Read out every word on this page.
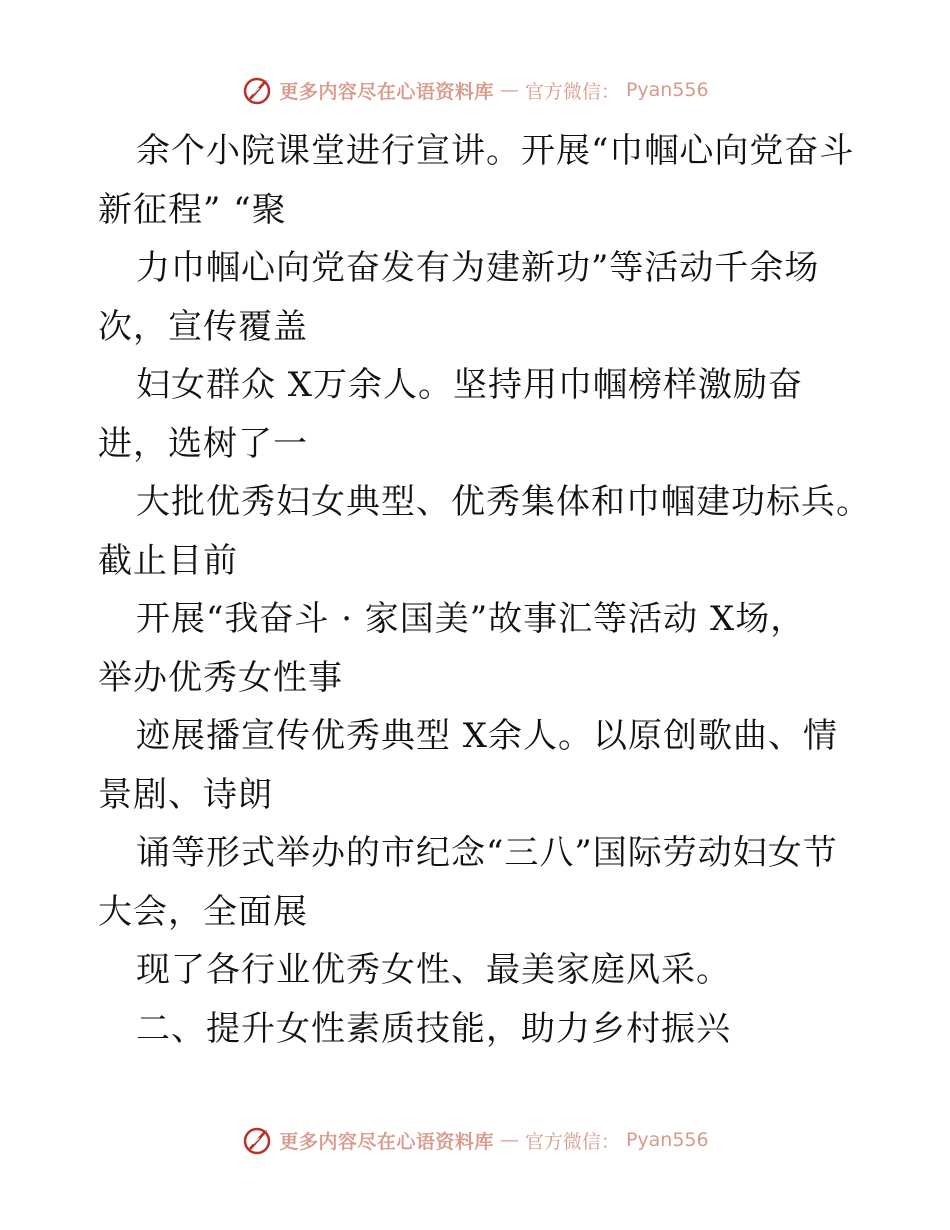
更多内容尽在心语资料库 — 官方微信： Pyan556
余个小院课堂进行宣讲。开展“巾帼心向党奋斗
新征程” “聚
力巾帼心向党奋发有为建新功”等活动千余场
次，宣传覆盖
妇女群众 X万余人。坚持用巾帼榜样激励奋
进，选树了一
大批优秀妇女典型、优秀集体和巾帼建功标兵。
截止目前
开展“我奋斗 · 家国美”故事汇等活动 X场，
举办优秀女性事
迹展播宣传优秀典型 X余人。以原创歌曲、情
景剧、诗朗
诵等形式举办的市纪念“三八”国际劳动妇女节
大会，全面展
现了各行业优秀女性、最美家庭风采。
二、提升女性素质技能，助力乡村振兴
更多内容尽在心语资料库 — 官方微信： Pyan556
